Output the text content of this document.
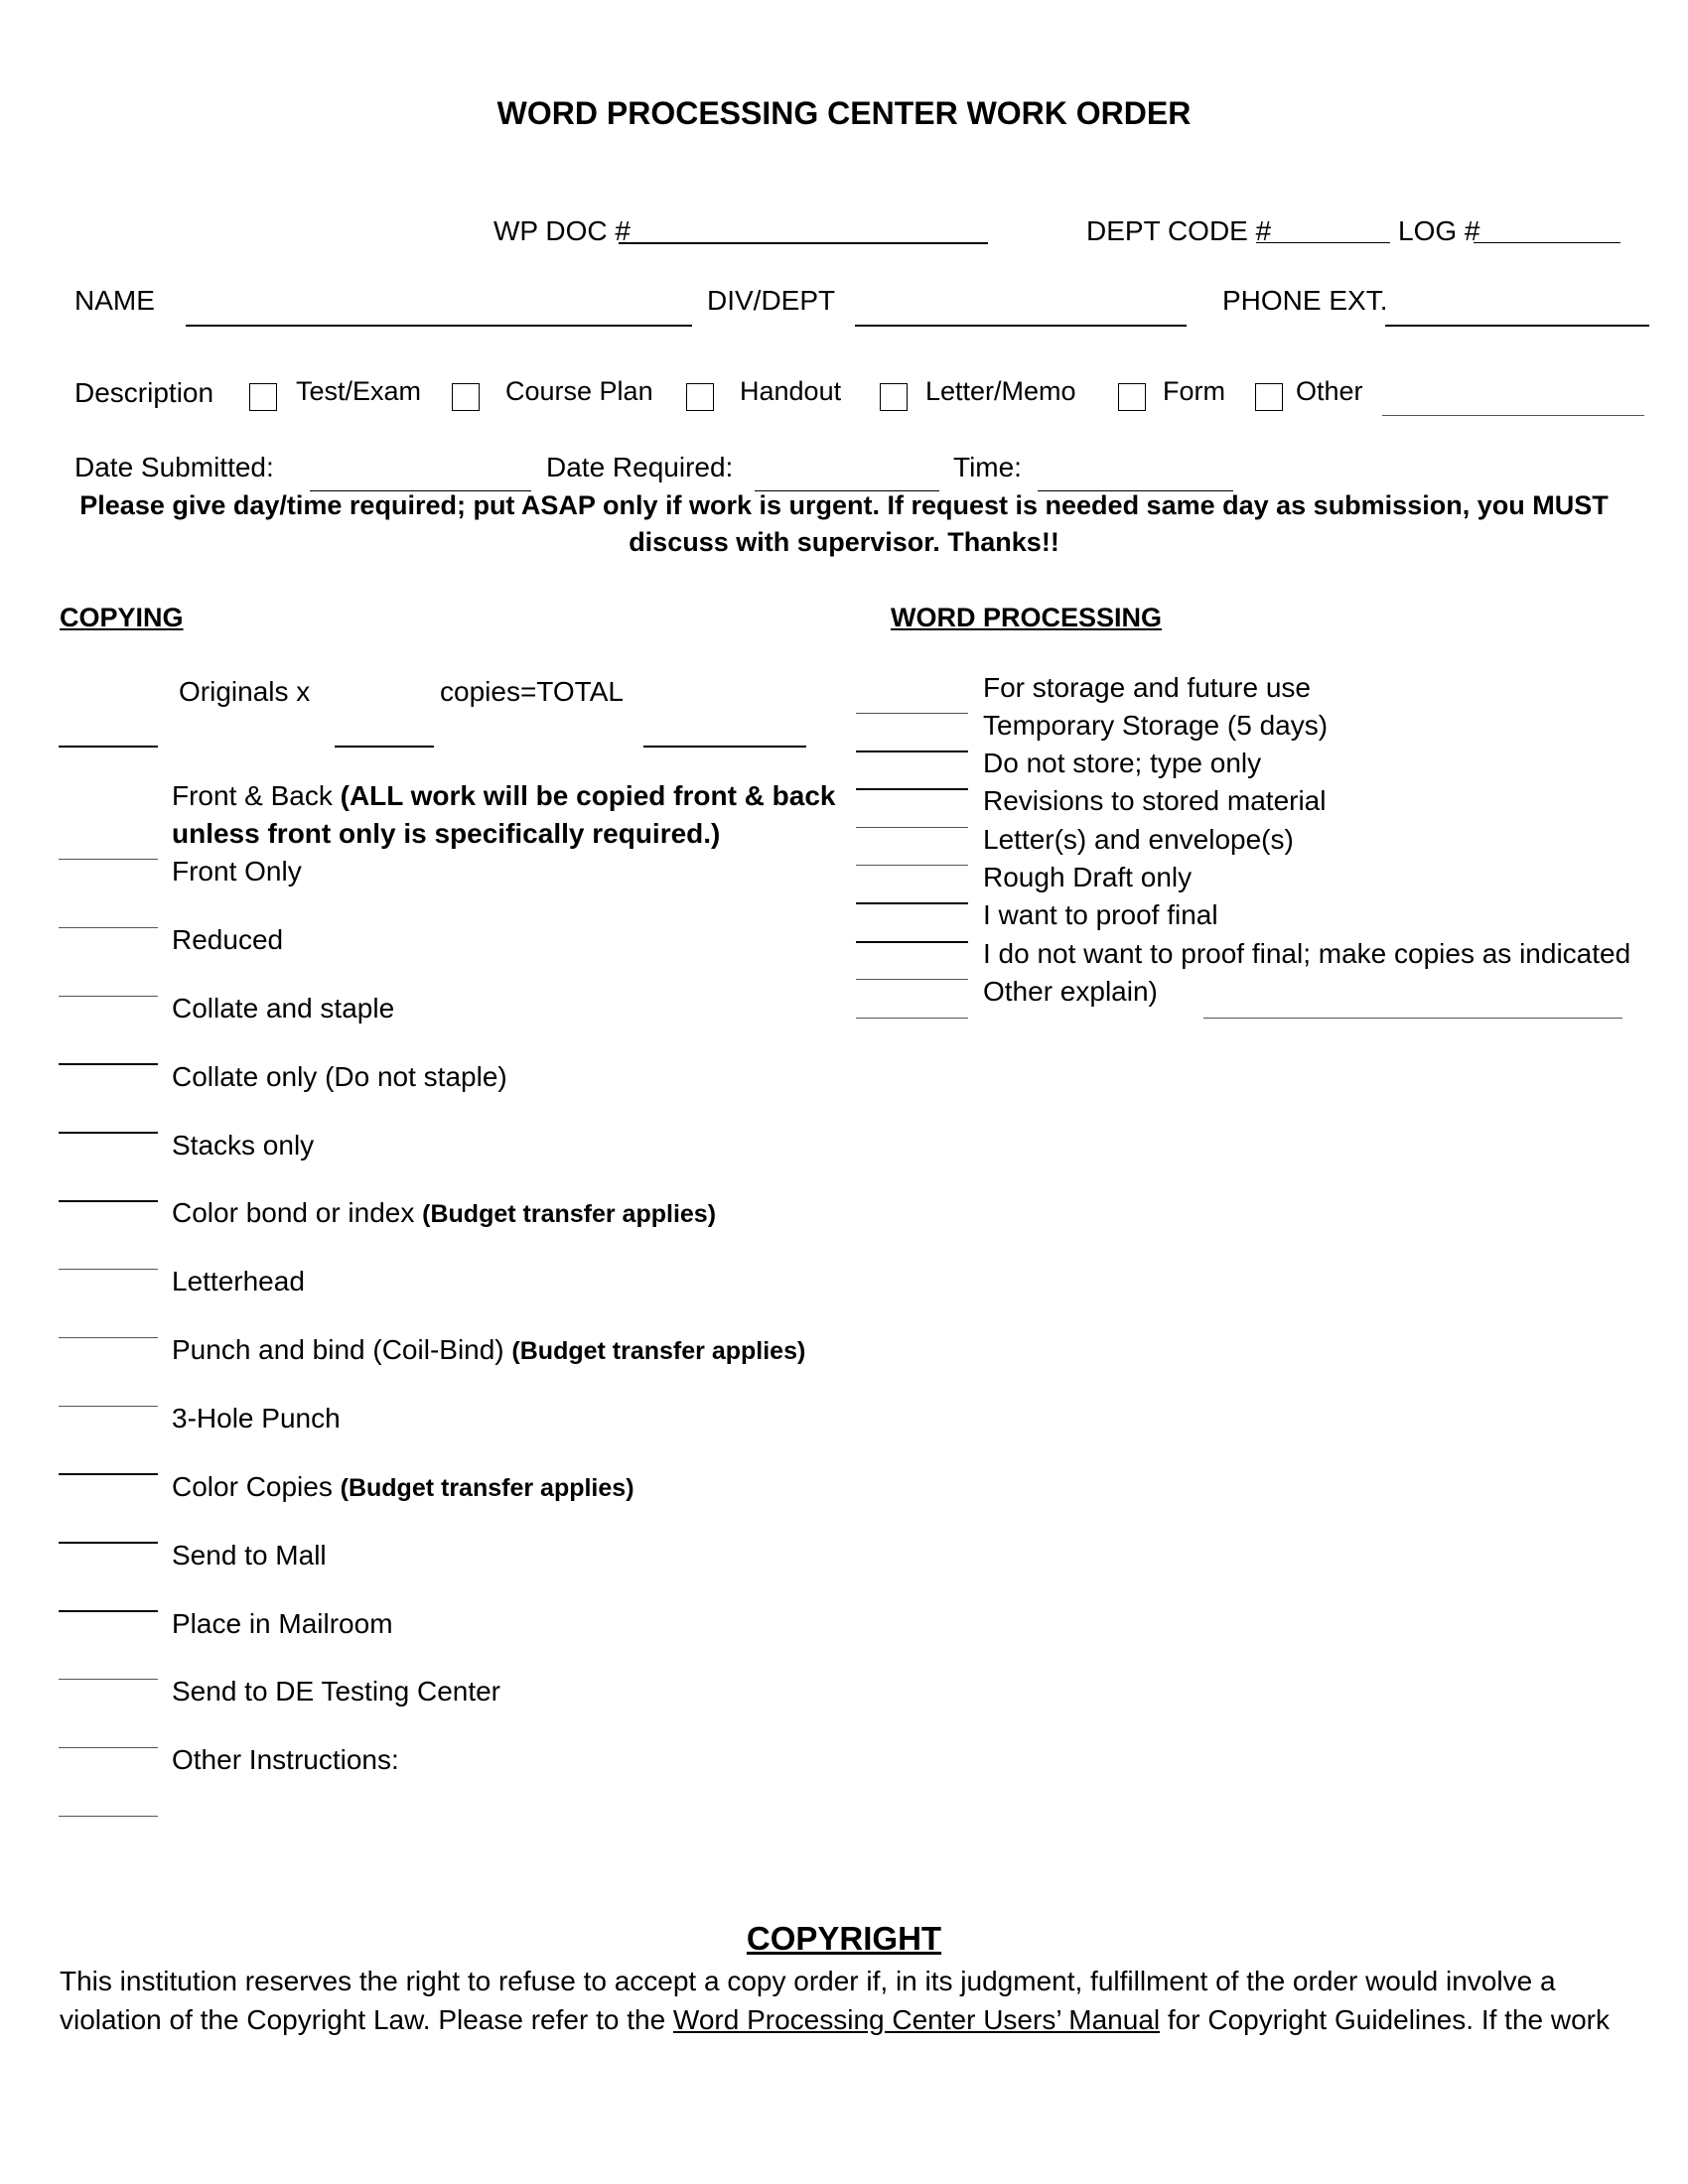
WORD PROCESSING CENTER WORK ORDER
WP DOC #	DEPT CODE #	LOG #
NAME	DIV/DEPT	PHONE EXT.
Description	Test/Exam	Course Plan	Handout	Letter/Memo	Form	Other
Date Submitted:	Date Required:	Time:
Please give day/time required; put ASAP only if work is urgent. If request is needed same day as submission, you MUST
discuss with supervisor. Thanks!!
COPYING
Originals x	copies=TOTAL
Front & Back (ALL work will be copied front & back
unless front only is specifically required.)
Front Only
Reduced
Collate and staple
Collate only (Do not staple)
Stacks only
Color bond or index (Budget transfer applies)
Letterhead
Punch and bind (Coil-Bind) (Budget transfer applies)
3-Hole Punch
Color Copies (Budget transfer applies)
Send to Mall
Place in Mailroom
Send to DE Testing Center
Other Instructions:
WORD PROCESSING
For storage and future use
Temporary Storage (5 days)
Do not store; type only
Revisions to stored material
Letter(s) and envelope(s)
Rough Draft only
I want to proof final
I do not want to proof final; make copies as indicated
Other explain)
COPYRIGHT
This institution reserves the right to refuse to accept a copy order if, in its judgment, fulfillment of the order would involve a
violation of the Copyright Law. Please refer to the Word Processing Center Users’ Manual for Copyright Guidelines. If the work
